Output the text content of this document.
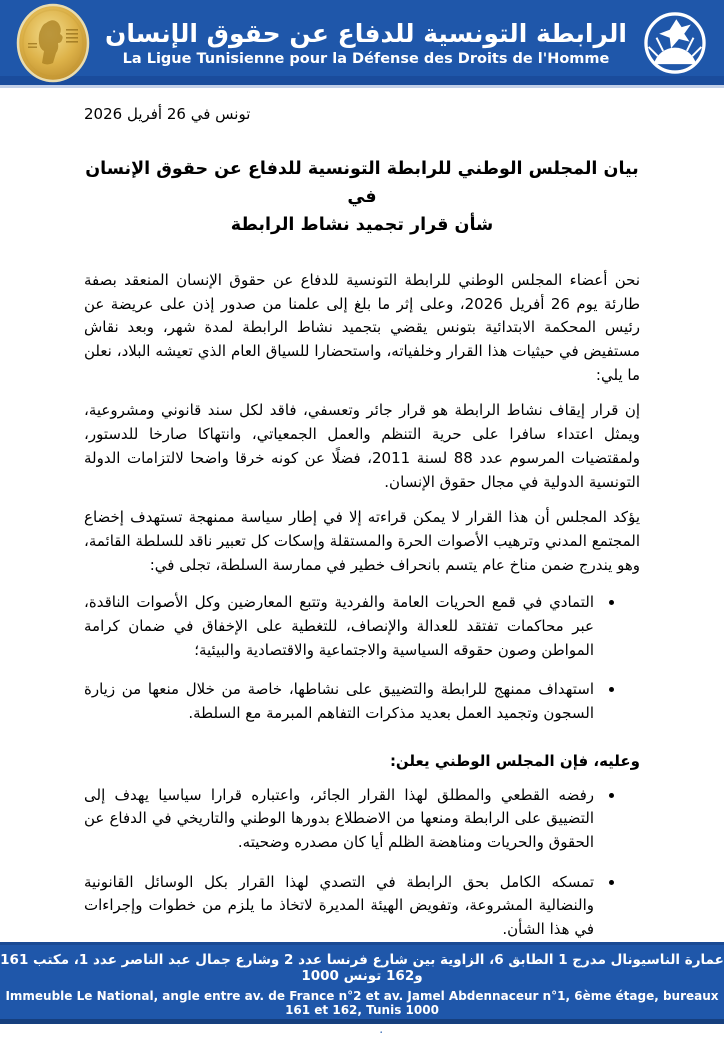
الرابطة التونسية للدفاع عن حقوق الإنسان
La Ligue Tunisienne pour la Défense des Droits de l'Homme
تونس في 26 أفريل 2026
بيان المجلس الوطني للرابطة التونسية للدفاع عن حقوق الإنسان في
شأن قرار تجميد نشاط الرابطة

نحن أعضاء المجلس الوطني للرابطة التونسية للدفاع عن حقوق الإنسان المنعقد بصفة طارئة يوم 26 أفريل 2026، وعلى إثر ما بلغ إلى علمنا من صدور إذن على عريضة عن رئيس المحكمة الابتدائية بتونس يقضي بتجميد نشاط الرابطة لمدة شهر، وبعد نقاش مستفيض في حيثيات هذا القرار وخلفياته، واستحضارا للسياق العام الذي تعيشه البلاد، نعلن ما يلي:

إن قرار إيقاف نشاط الرابطة هو قرار جائر وتعسفي، فاقد لكل سند قانوني ومشروعية، ويمثل اعتداء سافرا على حرية التنظم والعمل الجمعياتي، وانتهاكا صارخا للدستور، ولمقتضيات المرسوم عدد 88 لسنة 2011، فضلًا عن كونه خرقا واضحا لالتزامات الدولة التونسية الدولية في مجال حقوق الإنسان.

يؤكد المجلس أن هذا القرار لا يمكن قراءته إلا في إطار سياسة ممنهجة تستهدف إخضاع المجتمع المدني وترهيب الأصوات الحرة والمستقلة وإسكات كل تعبير ناقد للسلطة القائمة، وهو يندرج ضمن مناخ عام يتسم بانحراف خطير في ممارسة السلطة، تجلى في:

• التمادي في قمع الحريات العامة والفردية وتتبع المعارضين وكل الأصوات الناقدة، عبر محاكمات تفتقد للعدالة والإنصاف، للتغطية على الإخفاق في ضمان كرامة المواطن وصون حقوقه السياسية والاجتماعية والاقتصادية والبيئية؛
• استهداف ممنهج للرابطة والتضييق على نشاطها، خاصة من خلال منعها من زيارة السجون وتجميد العمل بعديد مذكرات التفاهم المبرمة مع السلطة.
وعليه، فإن المجلس الوطني يعلن:
• رفضه القطعي والمطلق لهذا القرار الجائر، واعتباره قرارا سياسيا يهدف إلى التضييق على الرابطة ومنعها من الاضطلاع بدورها الوطني والتاريخي في الدفاع عن الحقوق والحريات ومناهضة الظلم أيا كان مصدره وضحيته.
• تمسكه الكامل بحق الرابطة في التصدي لهذا القرار بكل الوسائل القانونية والنضالية المشروعة، وتفويض الهيئة المديرة لاتخاذ ما يلزم من خطوات وإجراءات في هذا الشأن.
عمارة الناسيونال مدرج 1 الطابق 6، الزاوية بين شارع فرنسا عدد 2 وشارع جمال عبد الناصر عدد 1، مكتب 161 و162 تونس 1000
Immeuble Le National, angle entre av. de France n°2 et av. Jamel Abdennaceur n°1, 6ème étage, bureaux 161 et 162, Tunis 1000
www.ltdh.tn	71 258 000	71 258 000	contact@ltdh.tn
